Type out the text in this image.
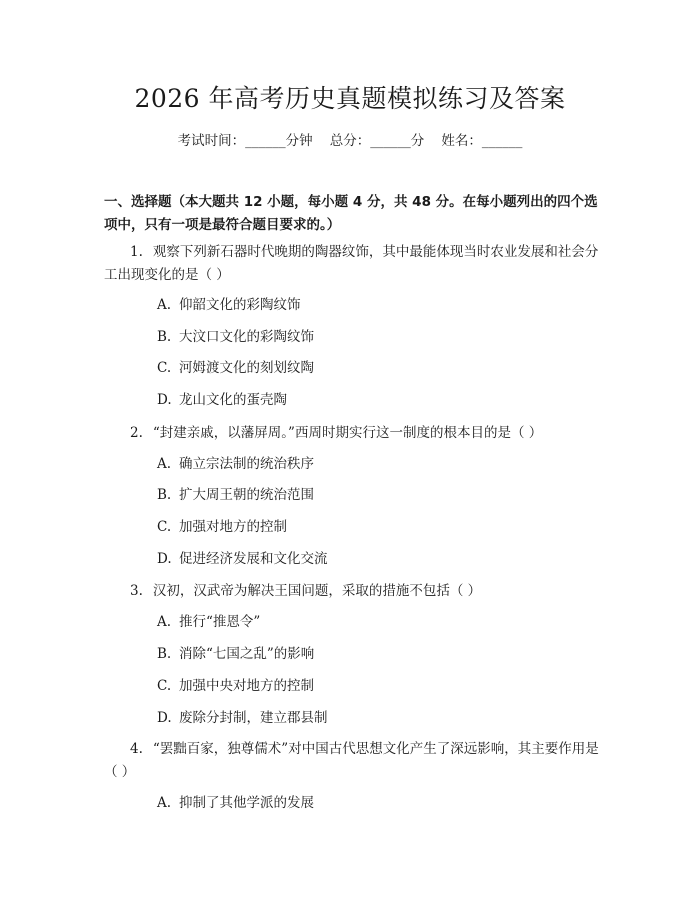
2026 年高考历史真题模拟练习及答案
考试时间：______分钟    总分：______分    姓名：______
一、选择题（本大题共 12 小题，每小题 4 分，共 48 分。在每小题列出的四个选项中，只有一项是最符合题目要求的。）
1. 观察下列新石器时代晚期的陶器纹饰，其中最能体现当时农业发展和社会分工出现变化的是（ ）
A. 仰韶文化的彩陶纹饰
B. 大汶口文化的彩陶纹饰
C. 河姆渡文化的刻划纹陶
D. 龙山文化的蛋壳陶
2. “封建亲戚，以藩屏周。”西周时期实行这一制度的根本目的是（ ）
A. 确立宗法制的统治秩序
B. 扩大周王朝的统治范围
C. 加强对地方的控制
D. 促进经济发展和文化交流
3. 汉初，汉武帝为解决王国问题，采取的措施不包括（ ）
A. 推行“推恩令”
B. 消除“七国之乱”的影响
C. 加强中央对地方的控制
D. 废除分封制，建立郡县制
4. “罢黜百家，独尊儒术”对中国古代思想文化产生了深远影响，其主要作用是（ ）
A. 抑制了其他学派的发展
